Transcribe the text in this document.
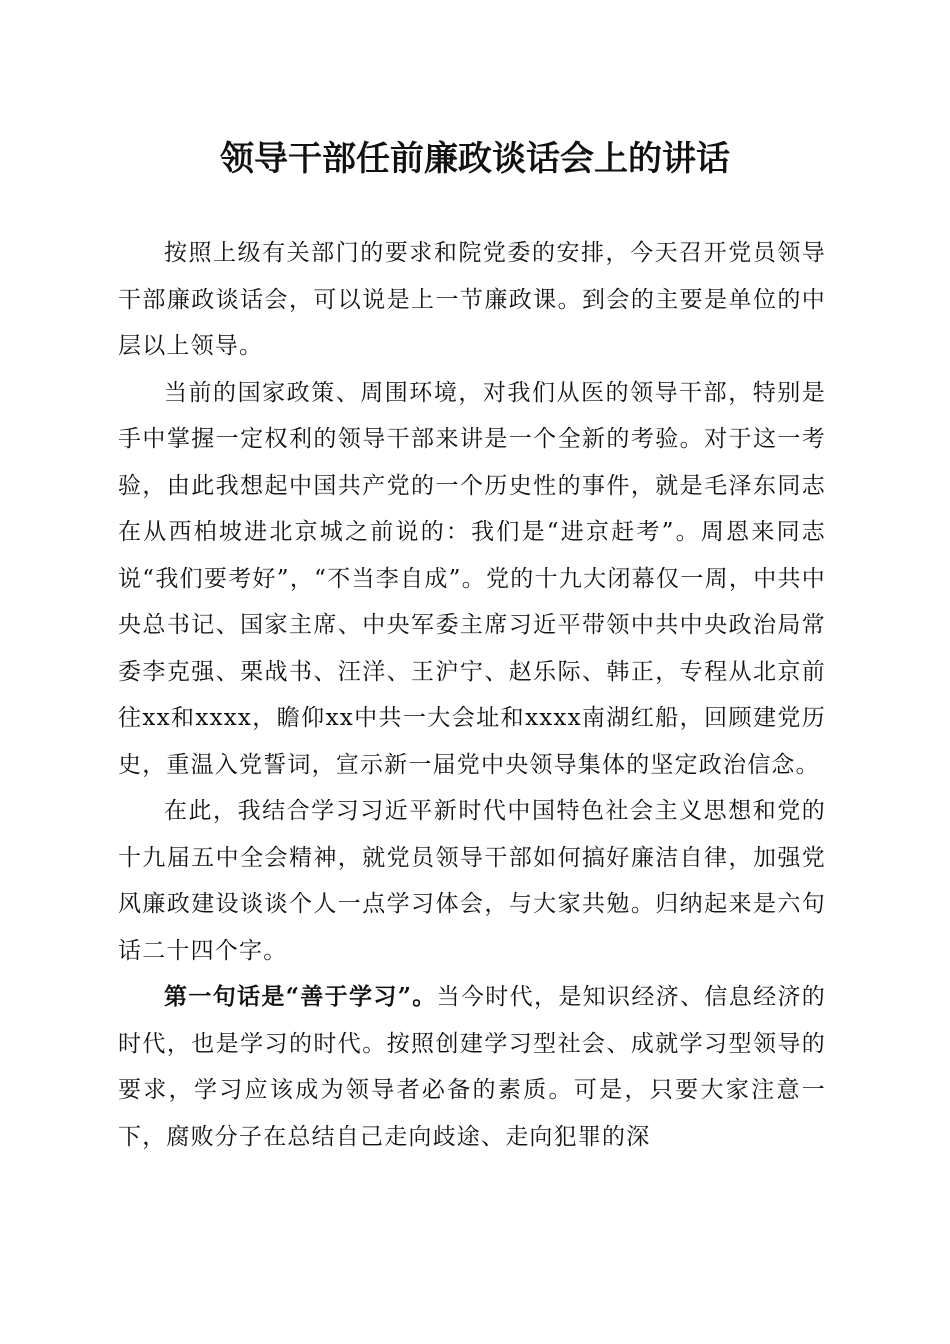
领导干部任前廉政谈话会上的讲话

按照上级有关部门的要求和院党委的安排，今天召开党员领导干部廉政谈话会，可以说是上一节廉政课。到会的主要是单位的中层以上领导。

当前的国家政策、周围环境，对我们从医的领导干部，特别是手中掌握一定权利的领导干部来讲是一个全新的考验。对于这一考验，由此我想起中国共产党的一个历史性的事件，就是毛泽东同志在从西柏坡进北京城之前说的：我们是“进京赶考”。周恩来同志说“我们要考好”，“不当李自成”。党的十九大闭幕仅一周，中共中央总书记、国家主席、中央军委主席习近平带领中共中央政治局常委李克强、栗战书、汪洋、王沪宁、赵乐际、韩正，专程从北京前往xx和xxxx，瞻仰xx中共一大会址和xxxx南湖红船，回顾建党历史，重温入党誓词，宣示新一届党中央领导集体的坚定政治信念。

在此，我结合学习习近平新时代中国特色社会主义思想和党的十九届五中全会精神，就党员领导干部如何搞好廉洁自律，加强党风廉政建设谈谈个人一点学习体会，与大家共勉。归纳起来是六句话二十四个字。

第一句话是“善于学习”。当今时代，是知识经济、信息经济的时代，也是学习的时代。按照创建学习型社会、成就学习型领导的要求，学习应该成为领导者必备的素质。可是，只要大家注意一下，腐败分子在总结自己走向歧途、走向犯罪的深
